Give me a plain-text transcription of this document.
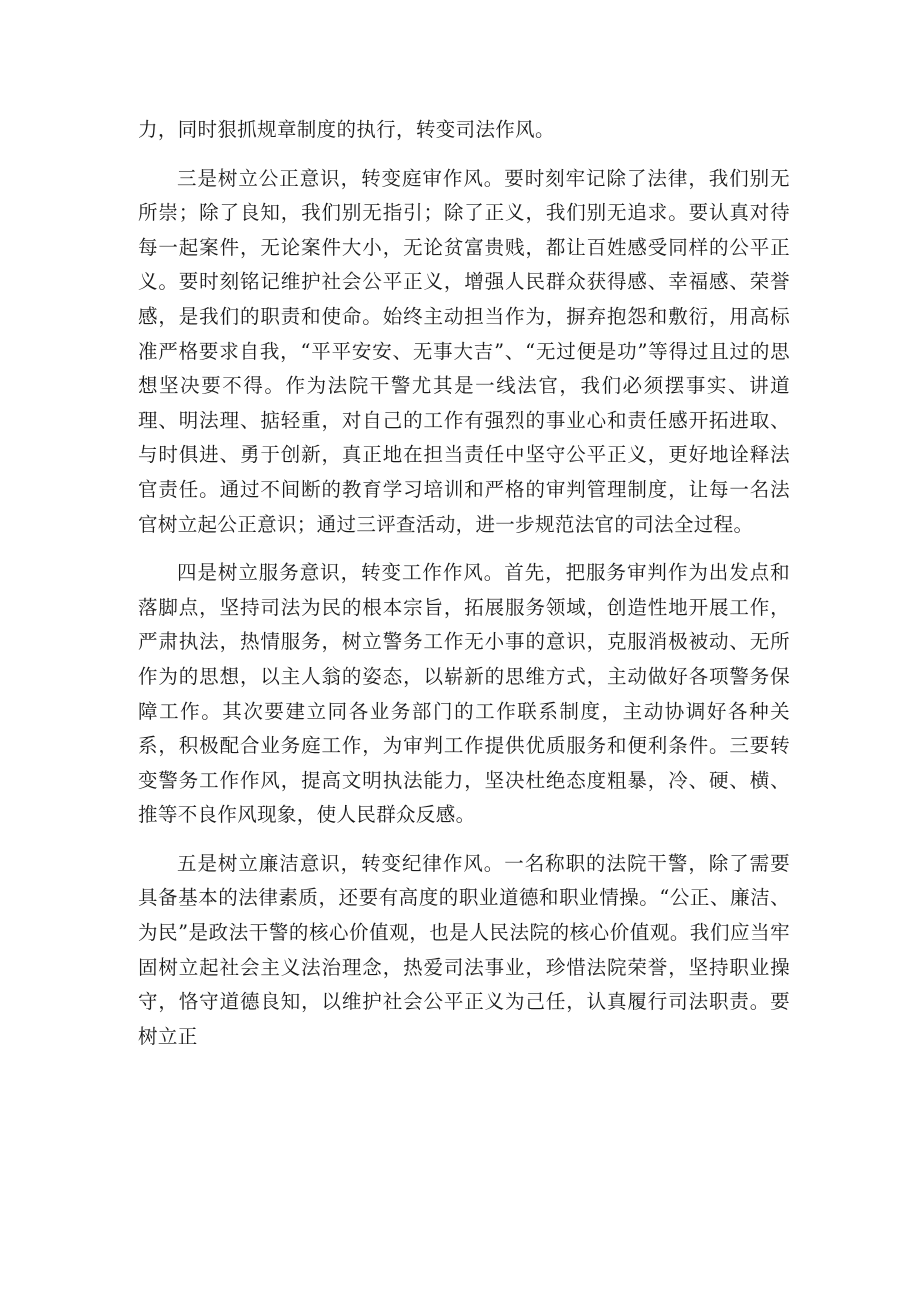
力，同时狠抓规章制度的执行，转变司法作风。

三是树立公正意识，转变庭审作风。要时刻牢记除了法律，我们别无所崇；除了良知，我们别无指引；除了正义，我们别无追求。要认真对待每一起案件，无论案件大小，无论贫富贵贱，都让百姓感受同样的公平正义。要时刻铭记维护社会公平正义，增强人民群众获得感、幸福感、荣誉感，是我们的职责和使命。始终主动担当作为，摒弃抱怨和敷衍，用高标准严格要求自我，“平平安安、无事大吉”、“无过便是功”等得过且过的思想坚决要不得。作为法院干警尤其是一线法官，我们必须摆事实、讲道理、明法理、掂轻重，对自己的工作有强烈的事业心和责任感开拓进取、与时俱进、勇于创新，真正地在担当责任中坚守公平正义，更好地诠释法官责任。通过不间断的教育学习培训和严格的审判管理制度，让每一名法官树立起公正意识；通过三评查活动，进一步规范法官的司法全过程。

四是树立服务意识，转变工作作风。首先，把服务审判作为出发点和落脚点，坚持司法为民的根本宗旨，拓展服务领域，创造性地开展工作，严肃执法，热情服务，树立警务工作无小事的意识，克服消极被动、无所作为的思想，以主人翁的姿态，以崭新的思维方式，主动做好各项警务保障工作。其次要建立同各业务部门的工作联系制度，主动协调好各种关系，积极配合业务庭工作，为审判工作提供优质服务和便利条件。三要转变警务工作作风，提高文明执法能力，坚决杜绝态度粗暴，冷、硬、横、推等不良作风现象，使人民群众反感。

五是树立廉洁意识，转变纪律作风。一名称职的法院干警，除了需要具备基本的法律素质，还要有高度的职业道德和职业情操。“公正、廉洁、为民”是政法干警的核心价值观，也是人民法院的核心价值观。我们应当牢固树立起社会主义法治理念，热爱司法事业，珍惜法院荣誉，坚持职业操守，恪守道德良知，以维护社会公平正义为己任，认真履行司法职责。要树立正
